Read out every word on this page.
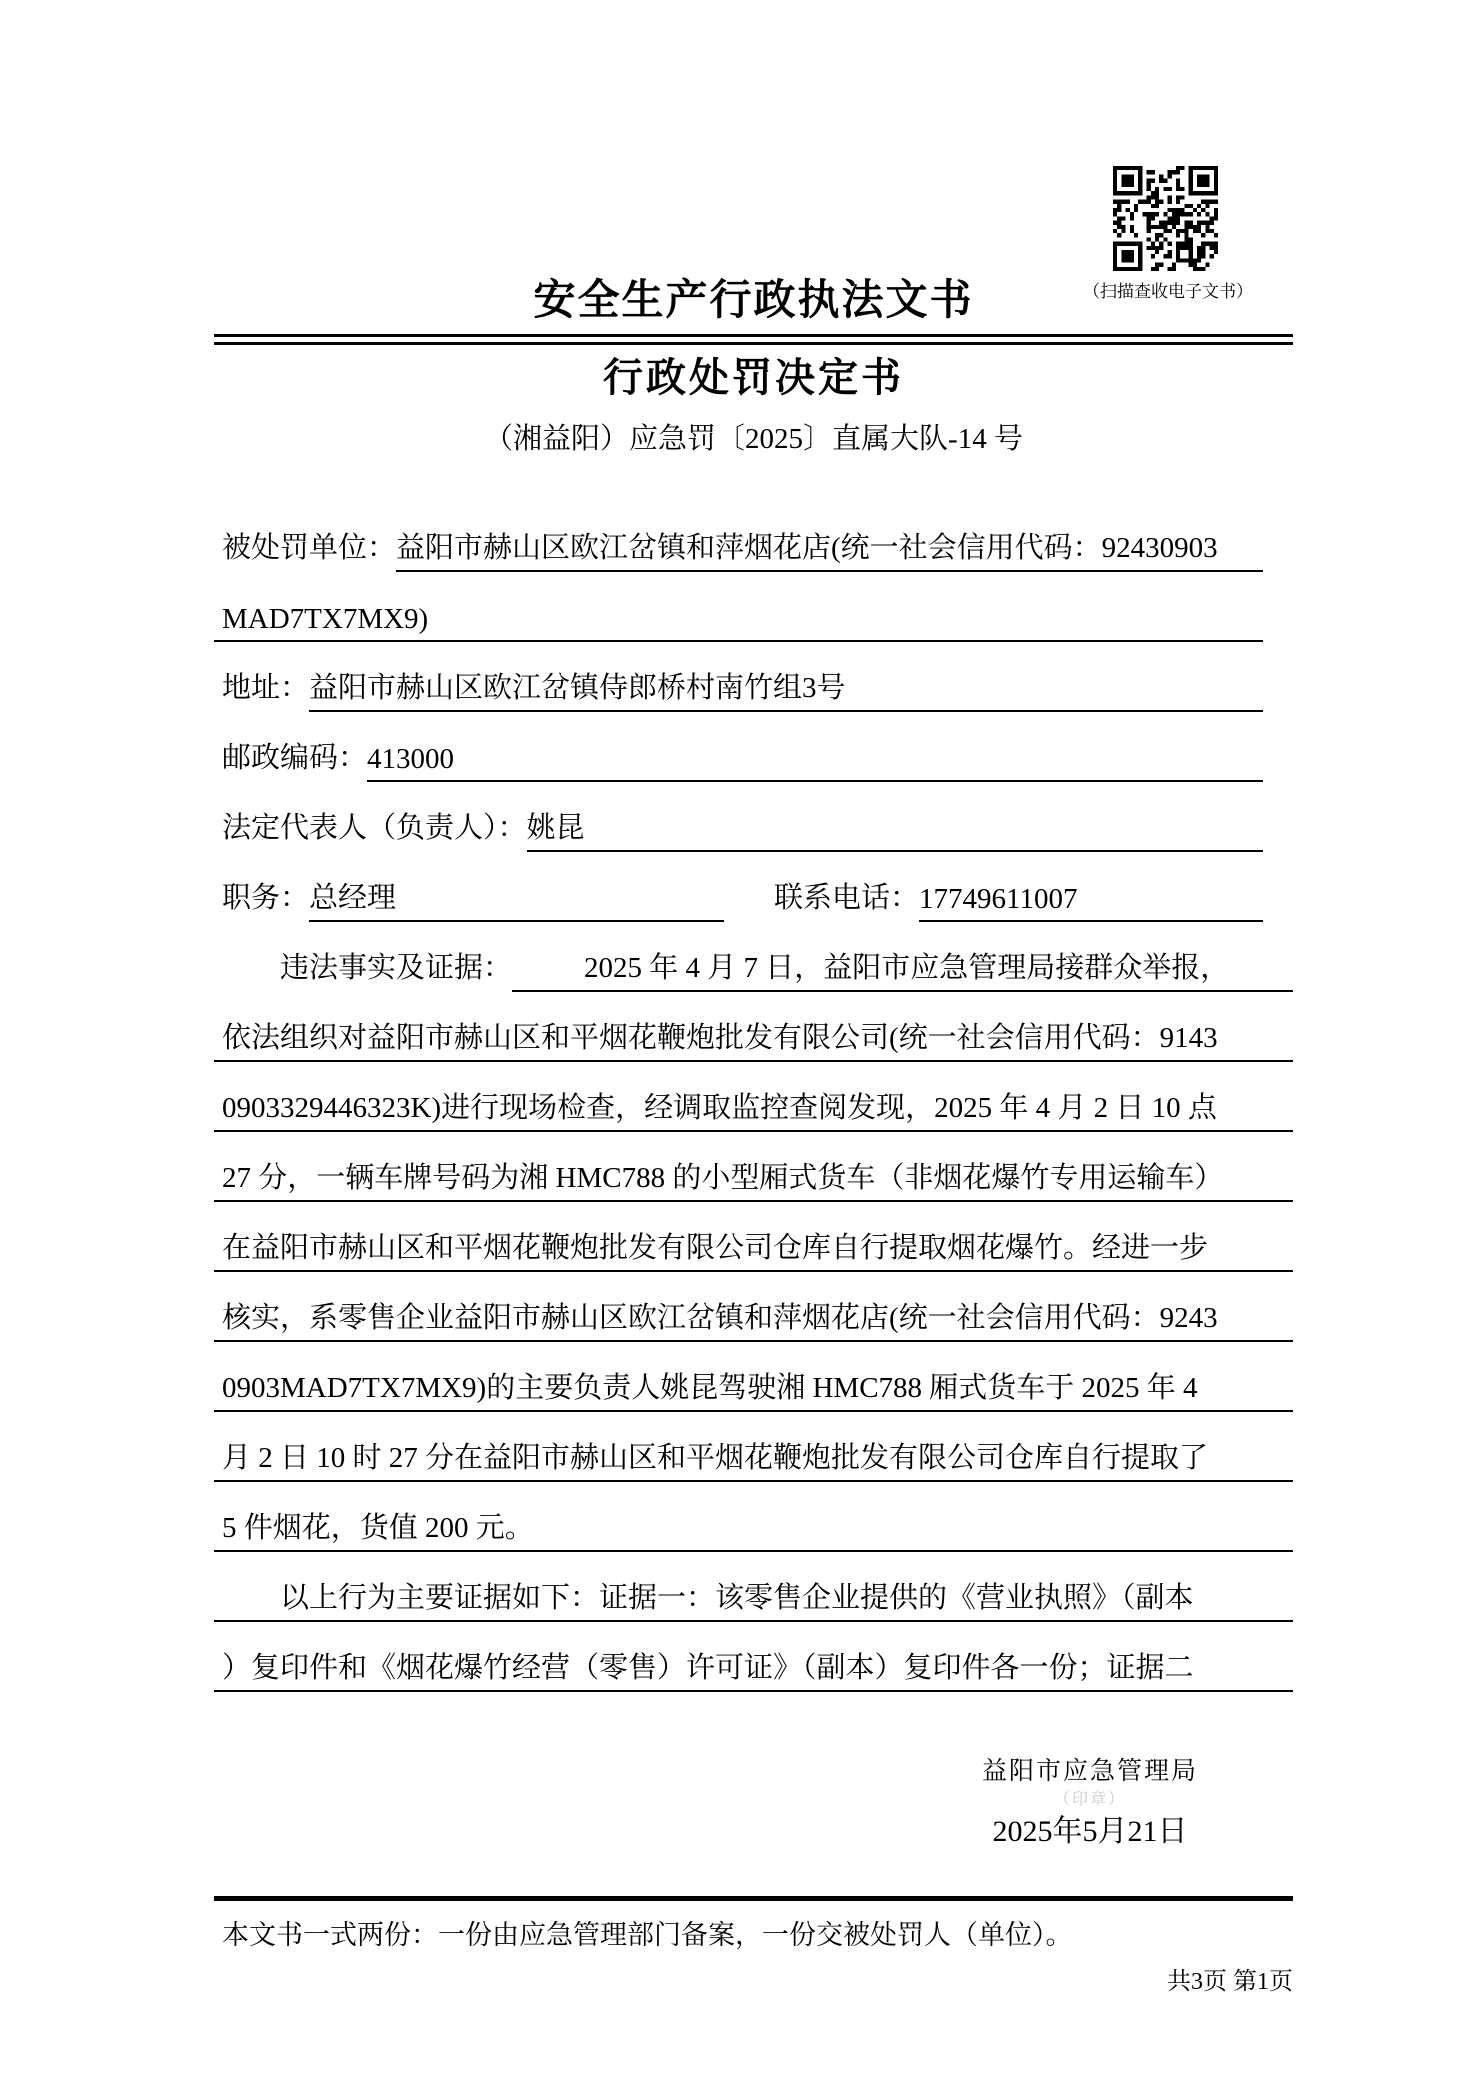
（扫描查收电子文书）
安全生产行政执法文书
行政处罚决定书
（湘益阳）应急罚〔2025〕直属大队-14 号
被处罚单位： 益阳市赫山区欧江岔镇和萍烟花店(统一社会信用代码：92430903
MAD7TX7MX9)
地址： 益阳市赫山区欧江岔镇侍郎桥村南竹组3号
邮政编码： 413000
法定代表人（负责人）： 姚昆
职务： 总经理	联系电话： 17749611007
违法事实及证据：	2025 年 4 月 7 日，益阳市应急管理局接群众举报，
依法组织对益阳市赫山区和平烟花鞭炮批发有限公司(统一社会信用代码：9143
0903329446323K)进行现场检查，经调取监控查阅发现，2025 年 4 月 2 日 10 点
27 分，一辆车牌号码为湘 HMC788 的小型厢式货车（非烟花爆竹专用运输车）
在益阳市赫山区和平烟花鞭炮批发有限公司仓库自行提取烟花爆竹。经进一步
核实，系零售企业益阳市赫山区欧江岔镇和萍烟花店(统一社会信用代码：9243
0903MAD7TX7MX9)的主要负责人姚昆驾驶湘 HMC788 厢式货车于 2025 年 4
月 2 日 10 时 27 分在益阳市赫山区和平烟花鞭炮批发有限公司仓库自行提取了
5 件烟花，货值 200 元。
以上行为主要证据如下：证据一：该零售企业提供的《营业执照》（副本
）复印件和《烟花爆竹经营（零售）许可证》（副本）复印件各一份；证据二
益阳市应急管理局
（印章）
2025年5月21日
本文书一式两份：一份由应急管理部门备案，一份交被处罚人（单位）。
共3页 第1页
